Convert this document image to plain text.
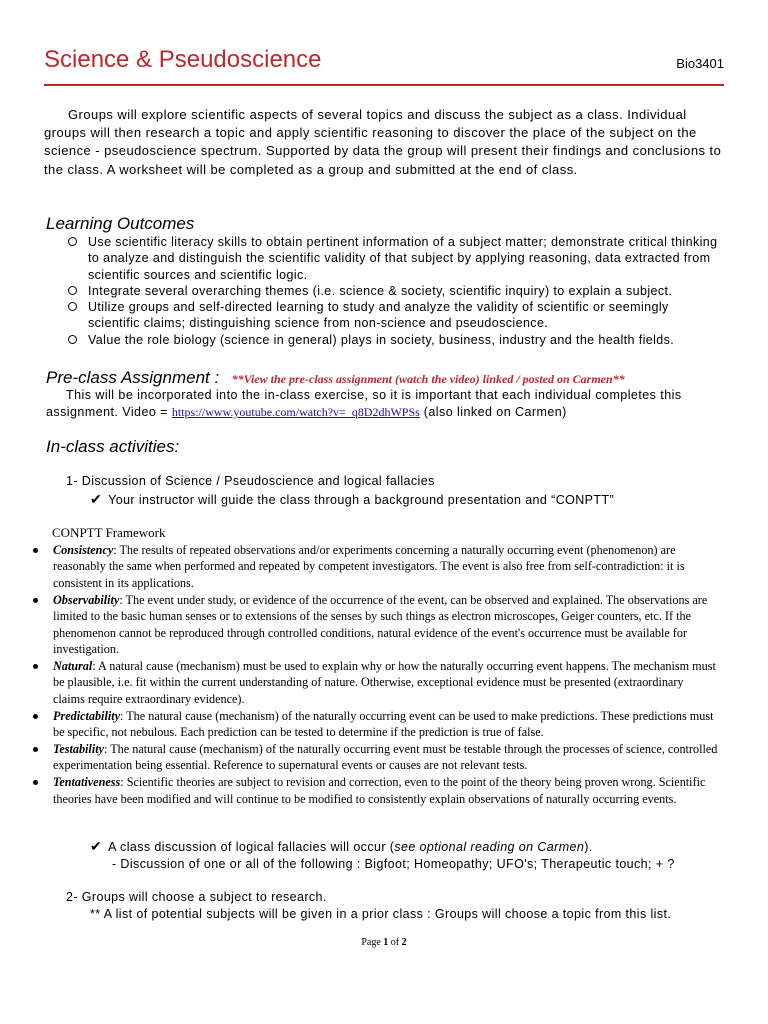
Science & Pseudoscience	Bio3401

Groups will explore scientific aspects of several topics and discuss the subject as a class. Individual groups will then research a topic and apply scientific reasoning to discover the place of the subject on the science - pseudoscience spectrum. Supported by data the group will present their findings and conclusions to the class. A worksheet will be completed as a group and submitted at the end of class.

Learning Outcomes
Use scientific literacy skills to obtain pertinent information of a subject matter; demonstrate critical thinking to analyze and distinguish the scientific validity of that subject by applying reasoning, data extracted from scientific sources and scientific logic.
Integrate several overarching themes (i.e. science & society, scientific inquiry) to explain a subject.
Utilize groups and self-directed learning to study and analyze the validity of scientific or seemingly scientific claims; distinguishing science from non-science and pseudoscience.
Value the role biology (science in general) plays in society, business, industry and the health fields.
Pre-class Assignment : **View the pre-class assignment (watch the video) linked / posted on Carmen**
This will be incorporated into the in-class exercise, so it is important that each individual completes this assignment. Video = https://www.youtube.com/watch?v=_q8D2dhWPSs (also linked on Carmen)
In-class activities:
1- Discussion of Science / Pseudoscience and logical fallacies
✔ Your instructor will guide the class through a background presentation and “CONPTT”
CONPTT Framework
Consistency: The results of repeated observations and/or experiments concerning a naturally occurring event (phenomenon) are reasonably the same when performed and repeated by competent investigators. The event is also free from self-contradiction: it is consistent in its applications.
Observability: The event under study, or evidence of the occurrence of the event, can be observed and explained. The observations are limited to the basic human senses or to extensions of the senses by such things as electron microscopes, Geiger counters, etc. If the phenomenon cannot be reproduced through controlled conditions, natural evidence of the event's occurrence must be available for investigation.
Natural: A natural cause (mechanism) must be used to explain why or how the naturally occurring event happens. The mechanism must be plausible, i.e. fit within the current understanding of nature. Otherwise, exceptional evidence must be presented (extraordinary claims require extraordinary evidence).
Predictability: The natural cause (mechanism) of the naturally occurring event can be used to make predictions. These predictions must be specific, not nebulous. Each prediction can be tested to determine if the prediction is true of false.
Testability: The natural cause (mechanism) of the naturally occurring event must be testable through the processes of science, controlled experimentation being essential. Reference to supernatural events or causes are not relevant tests.
Tentativeness: Scientific theories are subject to revision and correction, even to the point of the theory being proven wrong. Scientific theories have been modified and will continue to be modified to consistently explain observations of naturally occurring events.
✔ A class discussion of logical fallacies will occur (see optional reading on Carmen).
- Discussion of one or all of the following : Bigfoot; Homeopathy; UFO's; Therapeutic touch; + ?
2- Groups will choose a subject to research.
** A list of potential subjects will be given in a prior class : Groups will choose a topic from this list.
Page 1 of 2
